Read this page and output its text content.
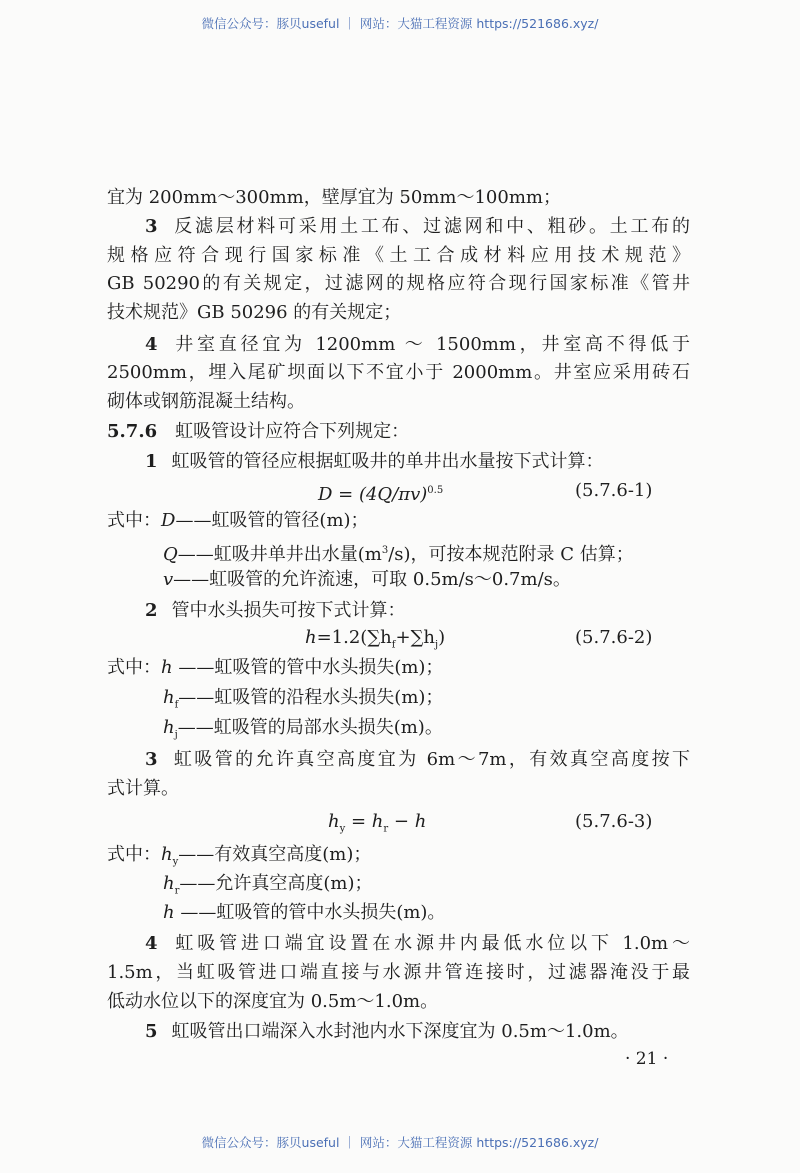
微信公众号：豚贝useful ｜ 网站：大猫工程资源 https://521686.xyz/
宜为 200mm～300mm，壁厚宜为 50mm～100mm；
3 反滤层材料可采用土工布、过滤网和中、粗砂。土工布的
规格应符合现行国家标准《土工合成材料应用技术规范》
GB 50290的有关规定，过滤网的规格应符合现行国家标准《管井
技术规范》GB 50296 的有关规定；
4 井室直径宜为 1200mm ～ 1500mm，井室高不得低于
2500mm，埋入尾矿坝面以下不宜小于 2000mm。井室应采用砖石
砌体或钢筋混凝土结构。
5.7.6 虹吸管设计应符合下列规定：
1 虹吸管的管径应根据虹吸井的单井出水量按下式计算：
$D = (4Q/\pi v)^{0.5}$	(5.7.6-1)
式中：D——虹吸管的管径(m)；
Q——虹吸井单井出水量$(m^3/s)$，可按本规范附录 C 估算；
v——虹吸管的允许流速，可取 0.5m/s～0.7m/s。
2 管中水头损失可按下式计算：
$h=1.2(\sum h_f+\sum h_j)$	(5.7.6-2)
式中：h ——虹吸管的管中水头损失(m)；
$h_f——$虹吸管的沿程水头损失(m)；
$h_j——$虹吸管的局部水头损失(m)。
3 虹吸管的允许真空高度宜为 6m～7m，有效真空高度按下
式计算。
$h_y = h_r - h$	(5.7.6-3)
式中：$h_y——$有效真空高度(m)；
$h_r——$允许真空高度(m)；
h ——虹吸管的管中水头损失(m)。
4 虹吸管进口端宜设置在水源井内最低水位以下 1.0m～
1.5m，当虹吸管进口端直接与水源井管连接时，过滤器淹没于最
低动水位以下的深度宜为 0.5m～1.0m。
5 虹吸管出口端深入水封池内水下深度宜为 0.5m～1.0m。
· 21 ·
微信公众号：豚贝useful ｜ 网站：大猫工程资源 https://521686.xyz/
